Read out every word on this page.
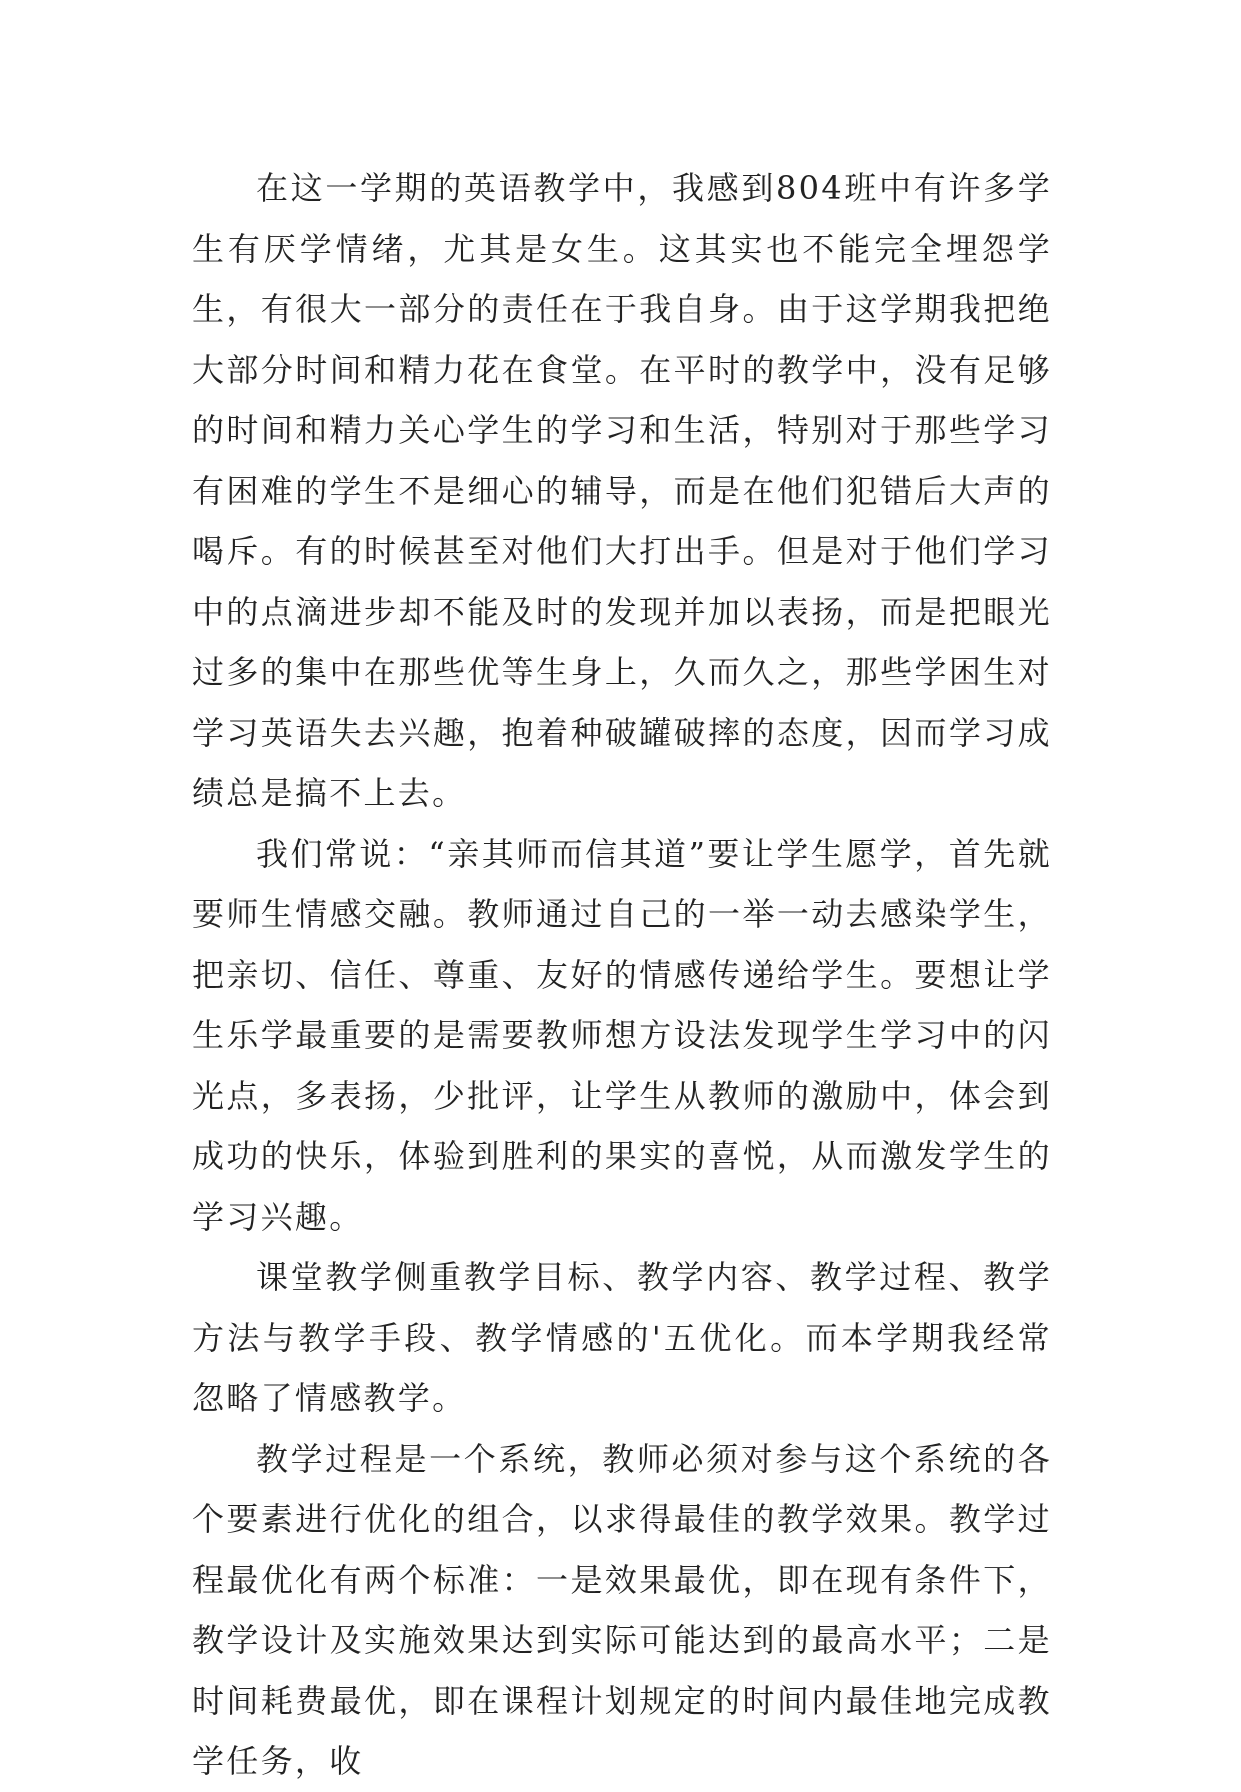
在这一学期的英语教学中，我感到804班中有许多学生有厌学情绪，尤其是女生。这其实也不能完全埋怨学生，有很大一部分的责任在于我自身。由于这学期我把绝大部分时间和精力花在食堂。在平时的教学中，没有足够的时间和精力关心学生的学习和生活，特别对于那些学习有困难的学生不是细心的辅导，而是在他们犯错后大声的喝斥。有的时候甚至对他们大打出手。但是对于他们学习中的点滴进步却不能及时的发现并加以表扬，而是把眼光过多的集中在那些优等生身上，久而久之，那些学困生对学习英语失去兴趣，抱着种破罐破摔的态度，因而学习成绩总是搞不上去。

我们常说：“亲其师而信其道”要让学生愿学，首先就要师生情感交融。教师通过自己的一举一动去感染学生，把亲切、信任、尊重、友好的情感传递给学生。要想让学生乐学最重要的是需要教师想方设法发现学生学习中的闪光点，多表扬，少批评，让学生从教师的激励中，体会到成功的快乐，体验到胜利的果实的喜悦，从而激发学生的学习兴趣。

课堂教学侧重教学目标、教学内容、教学过程、教学方法与教学手段、教学情感的'五优化。而本学期我经常忽略了情感教学。

教学过程是一个系统，教师必须对参与这个系统的各个要素进行优化的组合，以求得最佳的教学效果。教学过程最优化有两个标准：一是效果最优，即在现有条件下，教学设计及实施效果达到实际可能达到的最高水平；二是时间耗费最优，即在课程计划规定的时间内最佳地完成教学任务，收
